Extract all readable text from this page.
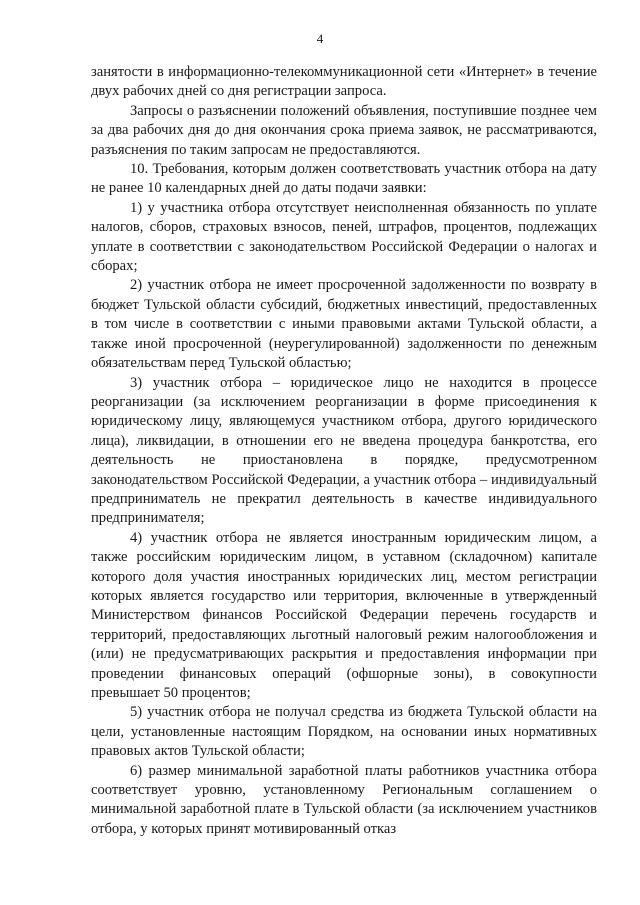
4

занятости в информационно-телекоммуникационной сети «Интернет» в течение двух рабочих дней со дня регистрации запроса.

Запросы о разъяснении положений объявления, поступившие позднее чем за два рабочих дня до дня окончания срока приема заявок, не рассматриваются, разъяснения по таким запросам не предоставляются.

10. Требования, которым должен соответствовать участник отбора на дату не ранее 10 календарных дней до даты подачи заявки:

1) у участника отбора отсутствует неисполненная обязанность по уплате налогов, сборов, страховых взносов, пеней, штрафов, процентов, подлежащих уплате в соответствии с законодательством Российской Федерации о налогах и сборах;

2) участник отбора не имеет просроченной задолженности по возврату в бюджет Тульской области субсидий, бюджетных инвестиций, предоставленных в том числе в соответствии с иными правовыми актами Тульской области, а также иной просроченной (неурегулированной) задолженности по денежным обязательствам перед Тульской областью;

3) участник отбора – юридическое лицо не находится в процессе реорганизации (за исключением реорганизации в форме присоединения к юридическому лицу, являющемуся участником отбора, другого юридического лица), ликвидации, в отношении его не введена процедура банкротства, его деятельность не приостановлена в порядке, предусмотренном законодательством Российской Федерации, а участник отбора – индивидуальный предприниматель не прекратил деятельность в качестве индивидуального предпринимателя;

4) участник отбора не является иностранным юридическим лицом, а также российским юридическим лицом, в уставном (складочном) капитале которого доля участия иностранных юридических лиц, местом регистрации которых является государство или территория, включенные в утвержденный Министерством финансов Российской Федерации перечень государств и территорий, предоставляющих льготный налоговый режим налогообложения и (или) не предусматривающих раскрытия и предоставления информации при проведении финансовых операций (офшорные зоны), в совокупности превышает 50 процентов;

5) участник отбора не получал средства из бюджета Тульской области на цели, установленные настоящим Порядком, на основании иных нормативных правовых актов Тульской области;

6) размер минимальной заработной платы работников участника отбора соответствует уровню, установленному Региональным соглашением о минимальной заработной плате в Тульской области (за исключением участников отбора, у которых принят мотивированный отказ
